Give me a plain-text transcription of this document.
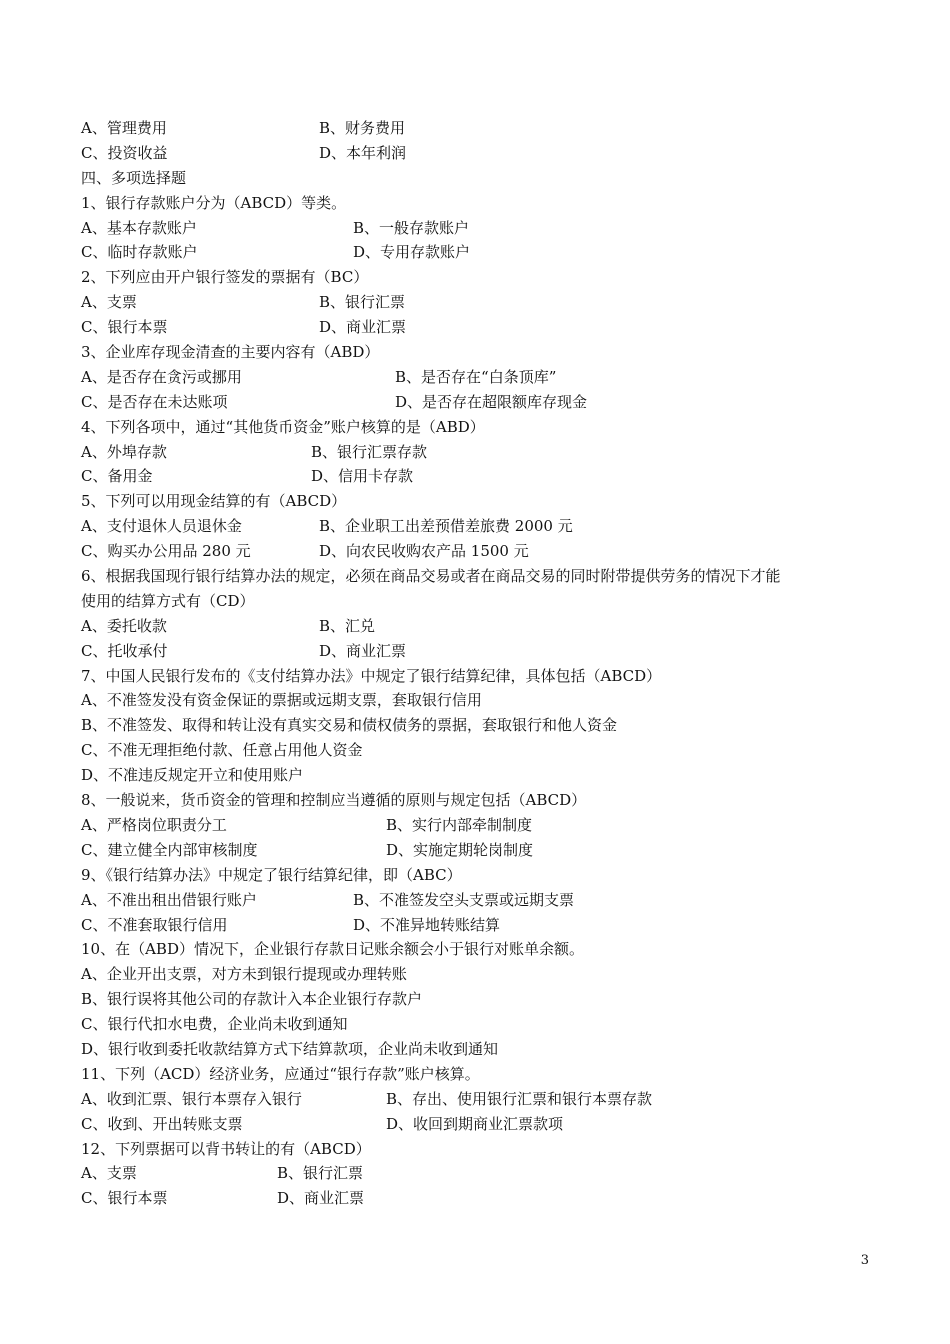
A、管理费用	B、财务费用
C、投资收益	D、本年利润
四、多项选择题
1、银行存款账户分为（ABCD）等类。
A、基本存款账户	B、一般存款账户
C、临时存款账户	D、专用存款账户
2、下列应由开户银行签发的票据有（BC）
A、支票	B、银行汇票
C、银行本票	D、商业汇票
3、企业库存现金清查的主要内容有（ABD）
A、是否存在贪污或挪用	B、是否存在“白条顶库”
C、是否存在未达账项	D、是否存在超限额库存现金
4、下列各项中，通过“其他货币资金”账户核算的是（ABD）
A、外埠存款	B、银行汇票存款
C、备用金	D、信用卡存款
5、下列可以用现金结算的有（ABCD）
A、支付退休人员退休金	B、企业职工出差预借差旅费 2000 元
C、购买办公用品 280 元	D、向农民收购农产品 1500 元
6、根据我国现行银行结算办法的规定，必须在商品交易或者在商品交易的同时附带提供劳务的情况下才能
使用的结算方式有（CD）
A、委托收款	B、汇兑
C、托收承付	D、商业汇票
7、中国人民银行发布的《支付结算办法》中规定了银行结算纪律，具体包括（ABCD）
A、不准签发没有资金保证的票据或远期支票，套取银行信用
B、不准签发、取得和转让没有真实交易和债权债务的票据，套取银行和他人资金
C、不准无理拒绝付款、任意占用他人资金
D、不准违反规定开立和使用账户
8、一般说来，货币资金的管理和控制应当遵循的原则与规定包括（ABCD）
A、严格岗位职责分工	B、实行内部牵制制度
C、建立健全内部审核制度	D、实施定期轮岗制度
9、《银行结算办法》中规定了银行结算纪律，即（ABC）
A、不准出租出借银行账户	B、不准签发空头支票或远期支票
C、不准套取银行信用	D、不准异地转账结算
10、在（ABD）情况下，企业银行存款日记账余额会小于银行对账单余额。
A、企业开出支票，对方未到银行提现或办理转账
B、银行误将其他公司的存款计入本企业银行存款户
C、银行代扣水电费，企业尚未收到通知
D、银行收到委托收款结算方式下结算款项，企业尚未收到通知
11、下列（ACD）经济业务，应通过“银行存款”账户核算。
A、收到汇票、银行本票存入银行	B、存出、使用银行汇票和银行本票存款
C、收到、开出转账支票	D、收回到期商业汇票款项
12、下列票据可以背书转让的有（ABCD）
A、支票	B、银行汇票
C、银行本票	D、商业汇票
3
